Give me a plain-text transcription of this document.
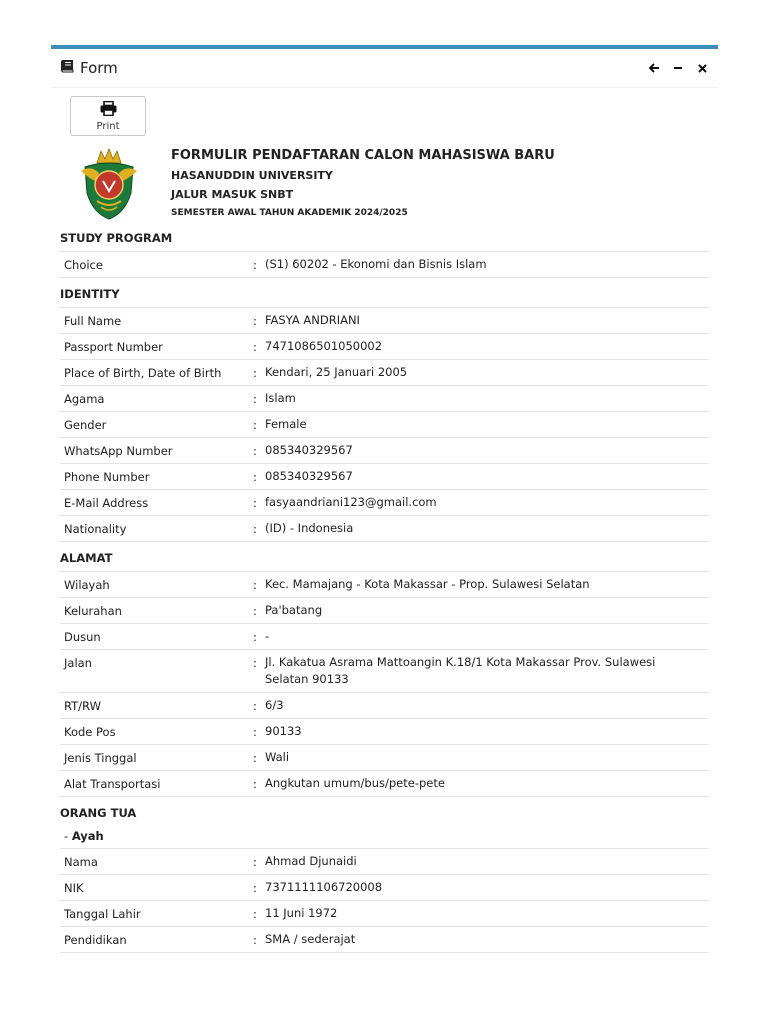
Form
Print
FORMULIR PENDAFTARAN CALON MAHASISWA BARU
HASANUDDIN UNIVERSITY
JALUR MASUK SNBT
SEMESTER AWAL TAHUN AKADEMIK 2024/2025
STUDY PROGRAM
Choice	: (S1) 60202 - Ekonomi dan Bisnis Islam
IDENTITY
Full Name	: FASYA ANDRIANI
Passport Number	: 7471086501050002
Place of Birth, Date of Birth	: Kendari, 25 Januari 2005
Agama	: Islam
Gender	: Female
WhatsApp Number	: 085340329567
Phone Number	: 085340329567
E-Mail Address	: fasyaandriani123@gmail.com
Nationality	: (ID) - Indonesia
ALAMAT
Wilayah	: Kec. Mamajang - Kota Makassar - Prop. Sulawesi Selatan
Kelurahan	: Pa'batang
Dusun	: -
Jalan	: Jl. Kakatua Asrama Mattoangin K.18/1 Kota Makassar Prov. Sulawesi Selatan 90133
RT/RW	: 6/3
Kode Pos	: 90133
Jenis Tinggal	: Wali
Alat Transportasi	: Angkutan umum/bus/pete-pete
ORANG TUA
- Ayah
Nama	: Ahmad Djunaidi
NIK	: 7371111106720008
Tanggal Lahir	: 11 Juni 1972
Pendidikan	: SMA / sederajat
